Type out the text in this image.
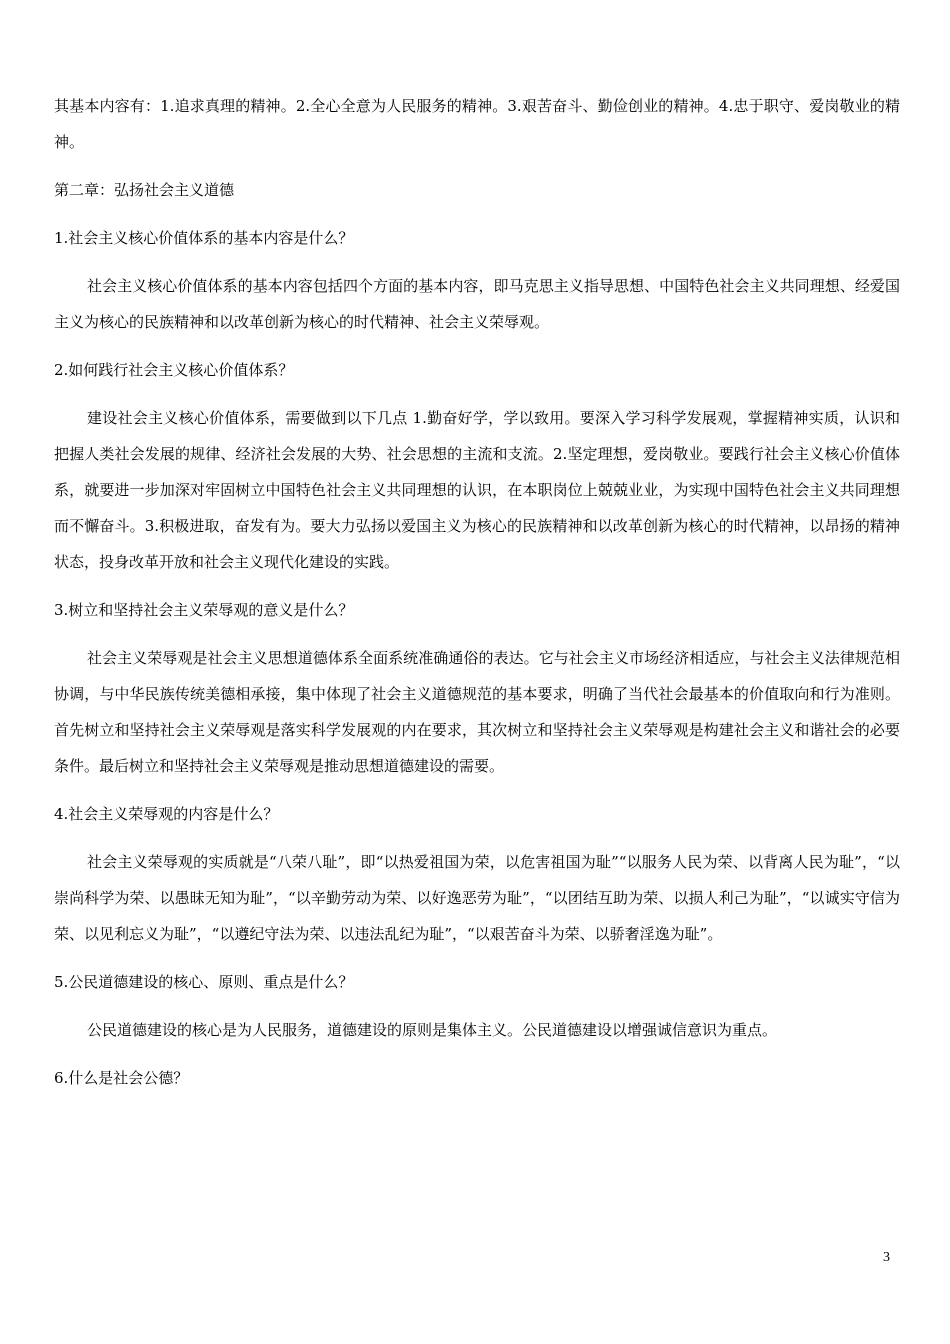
其基本内容有：1.追求真理的精神。2.全心全意为人民服务的精神。3.艰苦奋斗、勤俭创业的精神。4.忠于职守、爱岗敬业的精神。

第二章：弘扬社会主义道德

1.社会主义核心价值体系的基本内容是什么？

社会主义核心价值体系的基本内容包括四个方面的基本内容，即马克思主义指导思想、中国特色社会主义共同理想、经爱国主义为核心的民族精神和以改革创新为核心的时代精神、社会主义荣辱观。

2.如何践行社会主义核心价值体系？

建设社会主义核心价值体系，需要做到以下几点 1.勤奋好学，学以致用。要深入学习科学发展观，掌握精神实质，认识和把握人类社会发展的规律、经济社会发展的大势、社会思想的主流和支流。2.坚定理想，爱岗敬业。要践行社会主义核心价值体系，就要进一步加深对牢固树立中国特色社会主义共同理想的认识，在本职岗位上兢兢业业，为实现中国特色社会主义共同理想而不懈奋斗。3.积极进取，奋发有为。要大力弘扬以爱国主义为核心的民族精神和以改革创新为核心的时代精神，以昂扬的精神状态，投身改革开放和社会主义现代化建设的实践。

3.树立和坚持社会主义荣辱观的意义是什么？

社会主义荣辱观是社会主义思想道德体系全面系统准确通俗的表达。它与社会主义市场经济相适应，与社会主义法律规范相协调，与中华民族传统美德相承接，集中体现了社会主义道德规范的基本要求，明确了当代社会最基本的价值取向和行为准则。首先树立和坚持社会主义荣辱观是落实科学发展观的内在要求，其次树立和坚持社会主义荣辱观是构建社会主义和谐社会的必要条件。最后树立和坚持社会主义荣辱观是推动思想道德建设的需要。

4.社会主义荣辱观的内容是什么？

社会主义荣辱观的实质就是“八荣八耻”，即“以热爱祖国为荣，以危害祖国为耻”“以服务人民为荣、以背离人民为耻”，“以崇尚科学为荣、以愚昧无知为耻”，“以辛勤劳动为荣、以好逸恶劳为耻”，“以团结互助为荣、以损人利己为耻”，“以诚实守信为荣、以见利忘义为耻”，“以遵纪守法为荣、以违法乱纪为耻”，“以艰苦奋斗为荣、以骄奢淫逸为耻”。

5.公民道德建设的核心、原则、重点是什么？

公民道德建设的核心是为人民服务，道德建设的原则是集体主义。公民道德建设以增强诚信意识为重点。

6.什么是社会公德？

3
